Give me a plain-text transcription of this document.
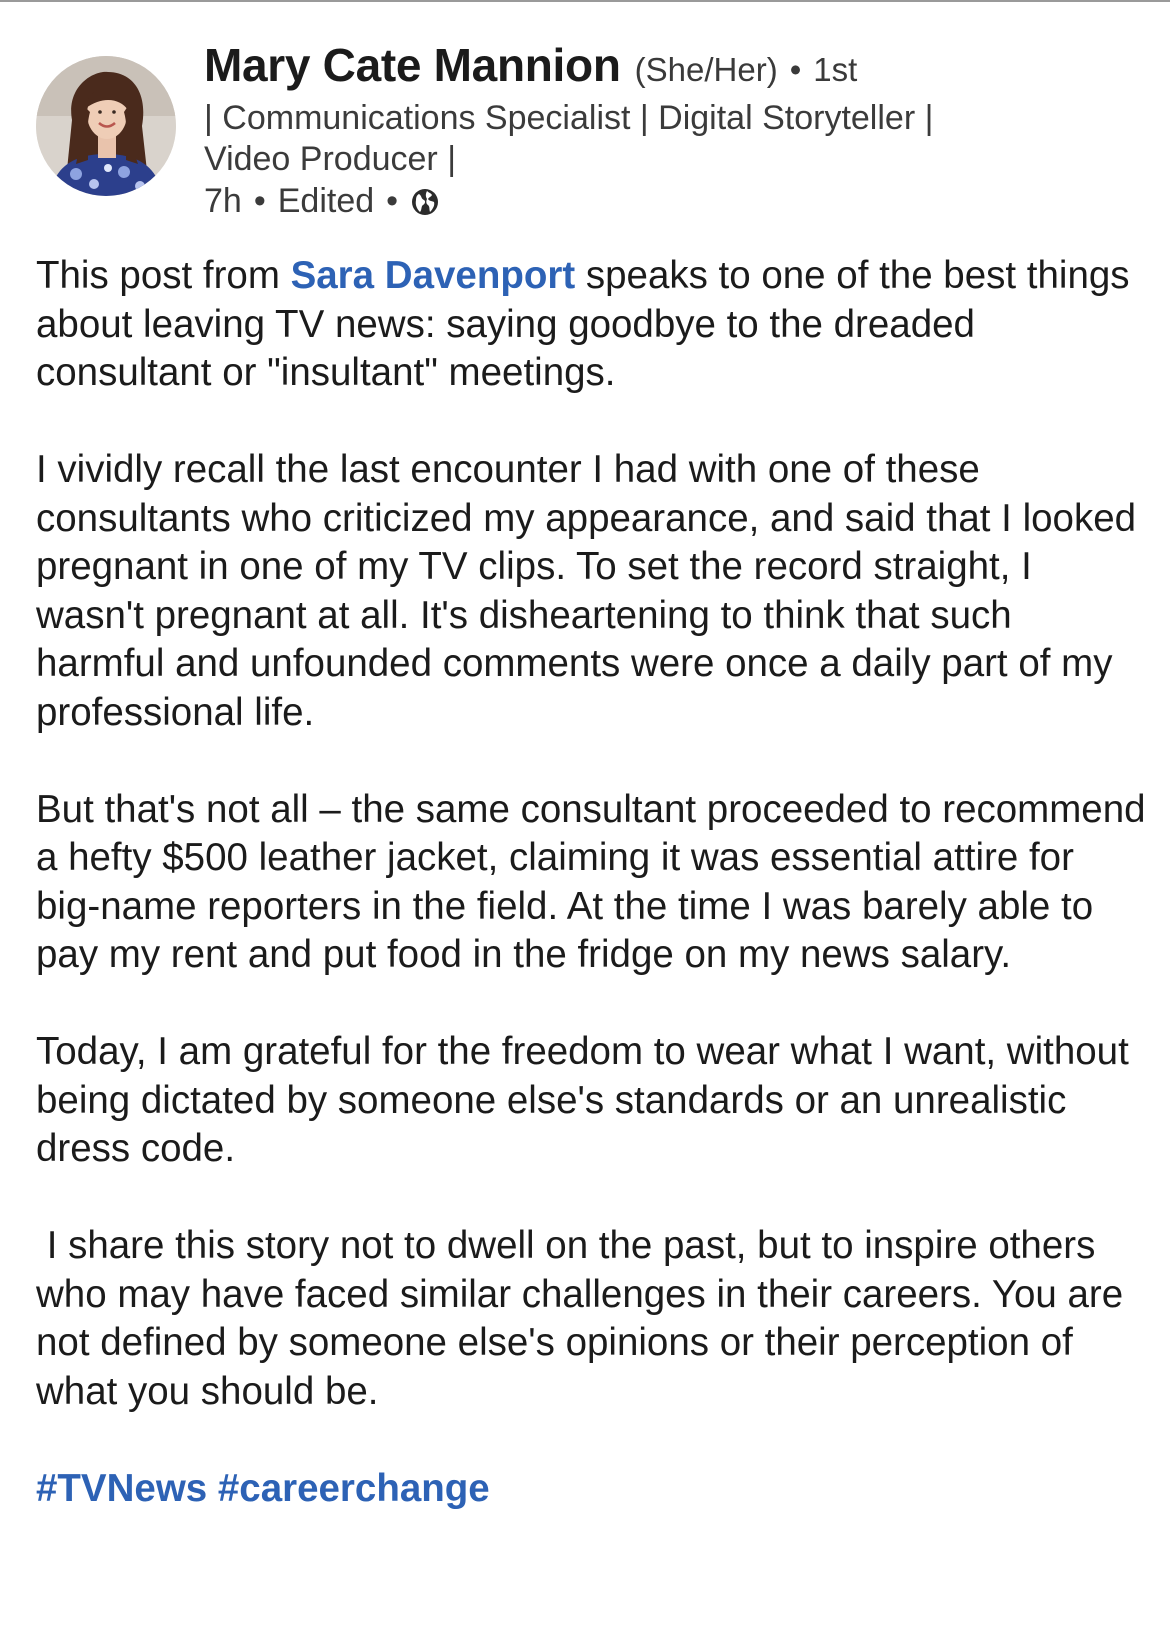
Mary Cate Mannion (She/Her) • 1st
| Communications Specialist | Digital Storyteller |
Video Producer |
7h • Edited •

This post from Sara Davenport speaks to one of the best things about leaving TV news: saying goodbye to the dreaded consultant or "insultant" meetings.

I vividly recall the last encounter I had with one of these consultants who criticized my appearance, and said that I looked pregnant in one of my TV clips. To set the record straight, I wasn't pregnant at all. It's disheartening to think that such harmful and unfounded comments were once a daily part of my professional life.

But that's not all – the same consultant proceeded to recommend a hefty $500 leather jacket, claiming it was essential attire for big-name reporters in the field. At the time I was barely able to pay my rent and put food in the fridge on my news salary.

Today, I am grateful for the freedom to wear what I want, without being dictated by someone else's standards or an unrealistic dress code.

I share this story not to dwell on the past, but to inspire others who may have faced similar challenges in their careers. You are not defined by someone else's opinions or their perception of what you should be.

#TVNews #careerchange
